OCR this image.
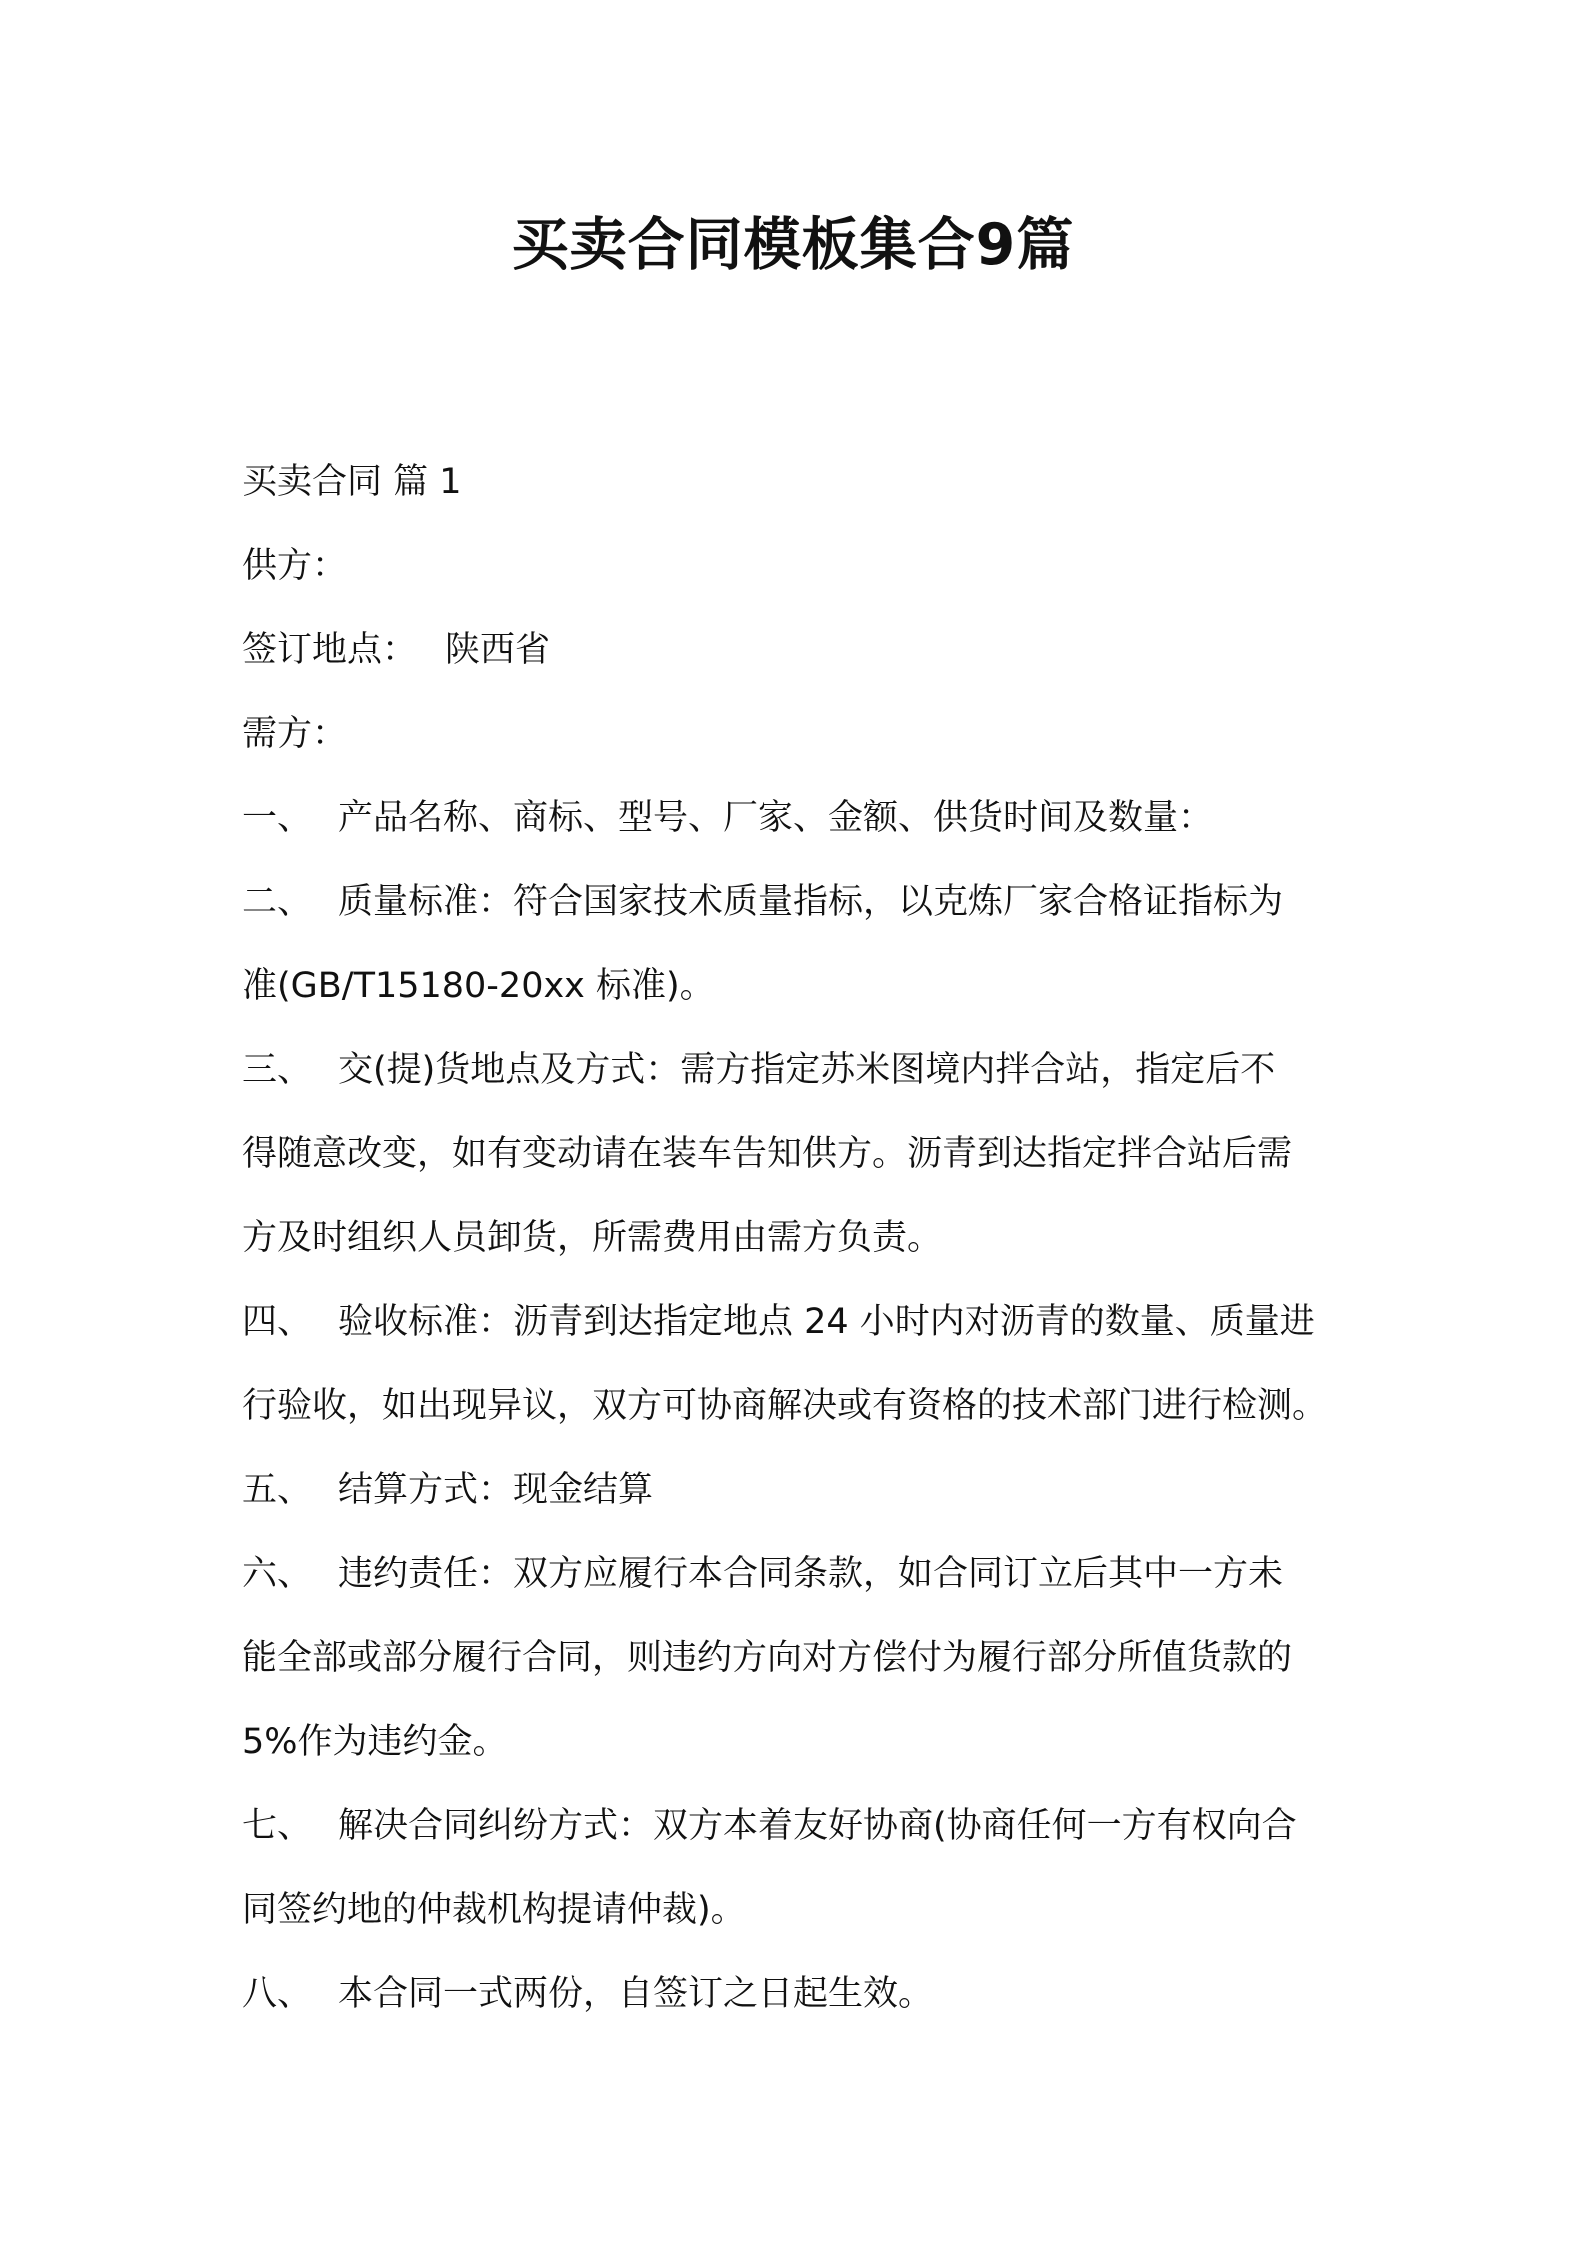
买卖合同模板集合9篇
买卖合同 篇 1
供方：
签订地点： 陕西省
需方：
一、 产品名称、商标、型号、厂家、金额、供货时间及数量：
二、 质量标准：符合国家技术质量指标，以克炼厂家合格证指标为
准(GB/T15180-20xx 标准)。
三、 交(提)货地点及方式：需方指定苏米图境内拌合站，指定后不
得随意改变，如有变动请在装车告知供方。沥青到达指定拌合站后需
方及时组织人员卸货，所需费用由需方负责。
四、 验收标准：沥青到达指定地点 24 小时内对沥青的数量、质量进
行验收，如出现异议，双方可协商解决或有资格的技术部门进行检测。
五、 结算方式：现金结算
六、 违约责任：双方应履行本合同条款，如合同订立后其中一方未
能全部或部分履行合同，则违约方向对方偿付为履行部分所值货款的
5%作为违约金。
七、 解决合同纠纷方式：双方本着友好协商(协商任何一方有权向合
同签约地的仲裁机构提请仲裁)。
八、 本合同一式两份，自签订之日起生效。
